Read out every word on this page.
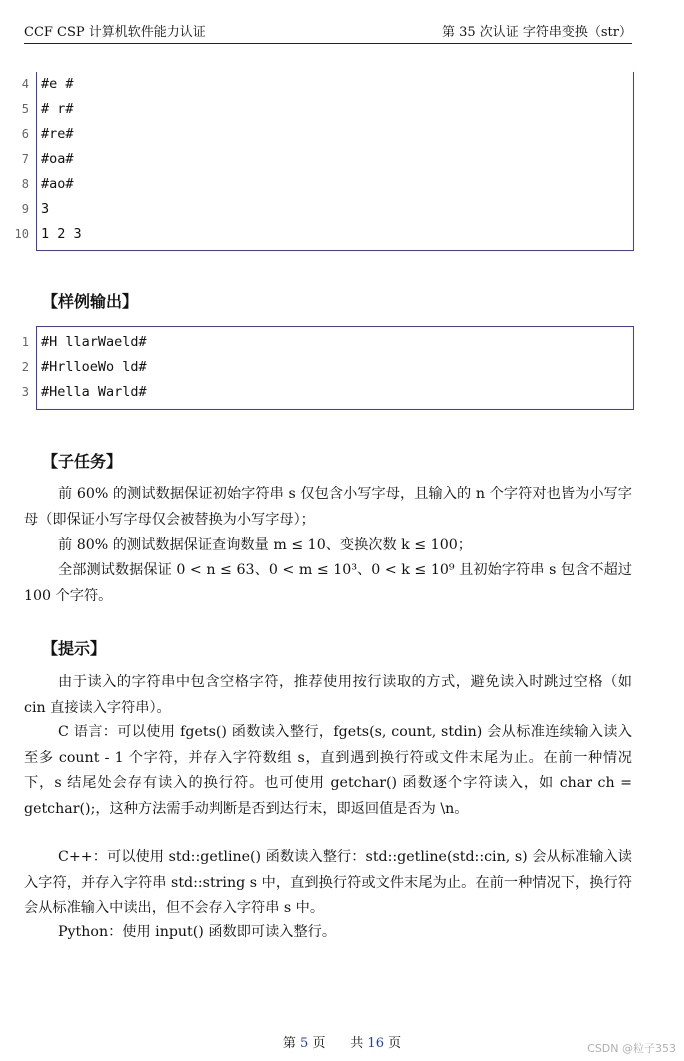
CCF CSP 计算机软件能力认证	第 35 次认证 字符串变换（str）
4 #e #
5 # r#
6 #re#
7 #oa#
8 #ao#
9 3
10 1 2 3
【样例输出】
1 #H llarWaeld#
2 #HrlloeWo ld#
3 #Hella Warld#
【子任务】

前 60% 的测试数据保证初始字符串 s 仅包含小写字母，且输入的 n 个字符对也皆为小写字母（即保证小写字母仅会被替换为小写字母）；

前 80% 的测试数据保证查询数量 m ≤ 10、变换次数 k ≤ 100；

全部测试数据保证 0 < n ≤ 63、0 < m ≤ 10³、0 < k ≤ 10⁹ 且初始字符串 s 包含不超过 100 个字符。

【提示】

由于读入的字符串中包含空格字符，推荐使用按行读取的方式，避免读入时跳过空格（如 cin 直接读入字符串）。

C 语言：可以使用 fgets() 函数读入整行，fgets(s, count, stdin) 会从标准连续输入读入至多 count - 1 个字符，并存入字符数组 s，直到遇到换行符或文件末尾为止。在前一种情况下，s 结尾处会存有读入的换行符。也可使用 getchar() 函数逐个字符读入，如 char ch = getchar();，这种方法需手动判断是否到达行末，即返回值是否为 \n。

C++：可以使用 std::getline() 函数读入整行：std::getline(std::cin, s) 会从标准输入读入字符，并存入字符串 std::string s 中，直到换行符或文件末尾为止。在前一种情况下，换行符会从标准输入中读出，但不会存入字符串 s 中。

Python：使用 input() 函数即可读入整行。

第 5 页 共 16 页	CSDN @粒子353
